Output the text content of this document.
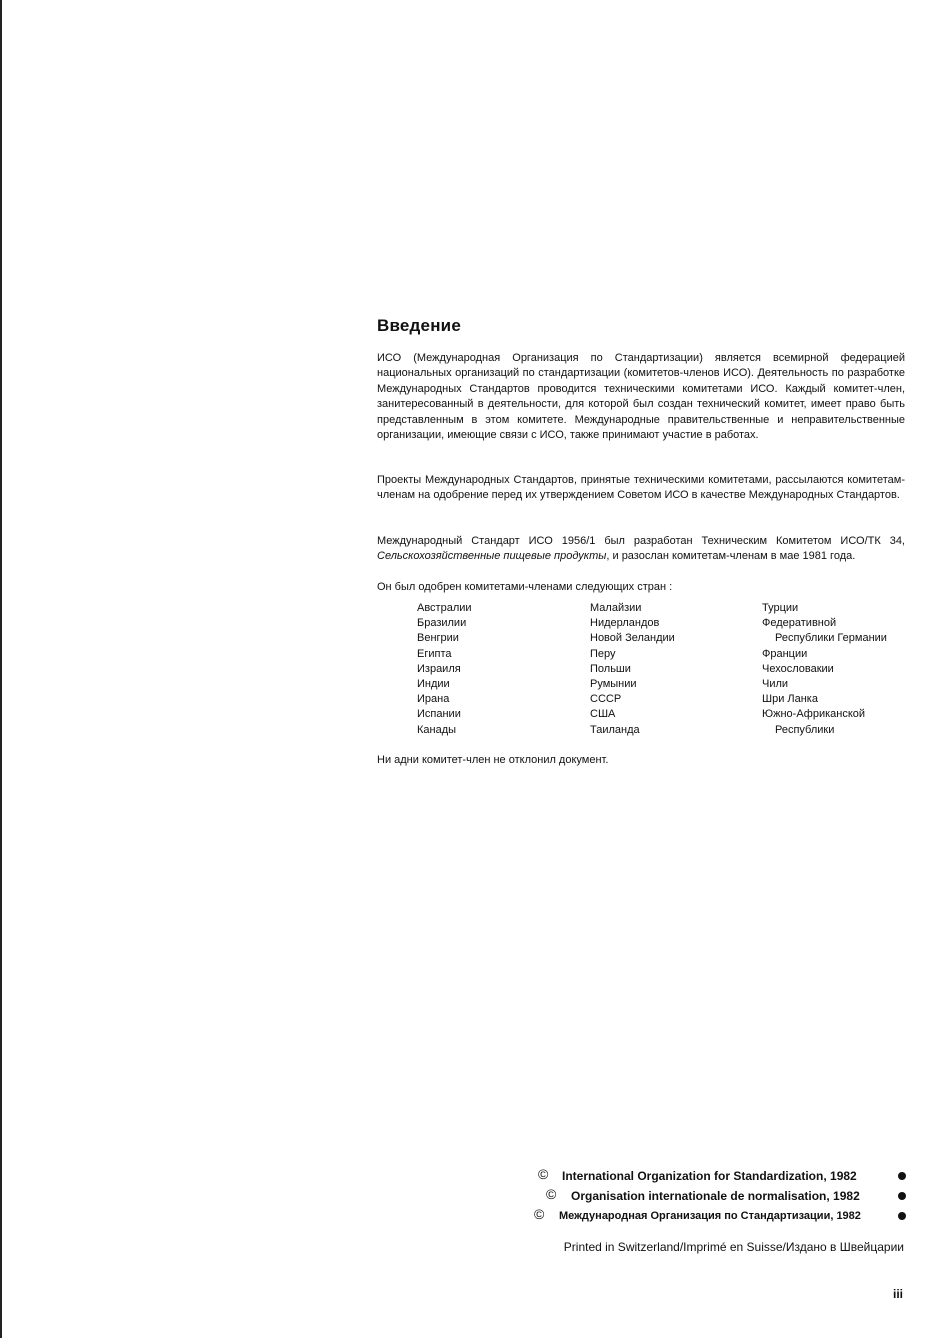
Введение

ИСО (Международная Организация по Стандартизации) является всемирной федерацией национальных организаций по стандартизации (комитетов-членов ИСО). Деятельность по разработке Международных Стандартов проводится техническими комитетами ИСО. Каждый комитет-член, занитересованный в деятельности, для которой был создан технический комитет, имеет право быть представленным в этом комитете. Международные правительственные и неправительственные организации, имеющие связи с ИСО, также принимают участие в работах.

Проекты Международных Стандартов, принятые техническими комитетами, рассылаются комитетам-членам на одобрение перед их утверждением Советом ИСО в качестве Международных Стандартов.

Международный Стандарт ИСО 1956/1 был разработан Техническим Комитетом ИСО/ТК 34, Сельскохозяйственные пищевые продукты, и разослан комитетам-членам в мае 1981 года.

Он был одобрен комитетами-членами следующих стран :

Австралии
Бразилии
Венгрии
Египта
Израиля
Индии
Ирана
Испании
Канады
Малайзии
Нидерландов
Новой Зеландии
Перу
Польши
Румынии
СССР
США
Таиланда
Турции
Федеративной
Республики Германии
Франции
Чехословакии
Чили
Шри Ланка
Южно-Африканской
Республики

Ни адни комитет-член не отклонил документ.

© International Organization for Standardization, 1982
© Organisation internationale de normalisation, 1982
© Международная Организация по Стандартизации, 1982
Printed in Switzerland/Imprimé en Suisse/Издано в Швейцарии
iii
